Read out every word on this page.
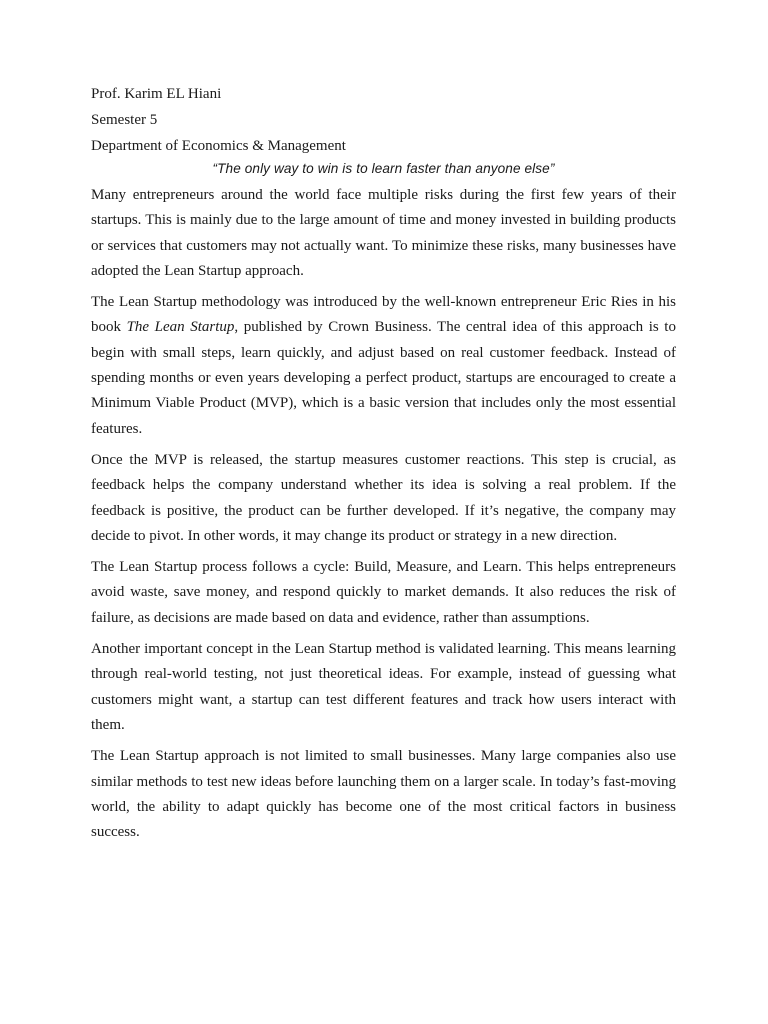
Prof. Karim EL Hiani
Semester 5
Department of Economics & Management
“The only way to win is to learn faster than anyone else”

Many entrepreneurs around the world face multiple risks during the first few years of their startups. This is mainly due to the large amount of time and money invested in building products or services that customers may not actually want. To minimize these risks, many businesses have adopted the Lean Startup approach.

The Lean Startup methodology was introduced by the well-known entrepreneur Eric Ries in his book The Lean Startup, published by Crown Business. The central idea of this approach is to begin with small steps, learn quickly, and adjust based on real customer feedback. Instead of spending months or even years developing a perfect product, startups are encouraged to create a Minimum Viable Product (MVP), which is a basic version that includes only the most essential features.

Once the MVP is released, the startup measures customer reactions. This step is crucial, as feedback helps the company understand whether its idea is solving a real problem. If the feedback is positive, the product can be further developed. If it’s negative, the company may decide to pivot. In other words, it may change its product or strategy in a new direction.

The Lean Startup process follows a cycle: Build, Measure, and Learn. This helps entrepreneurs avoid waste, save money, and respond quickly to market demands. It also reduces the risk of failure, as decisions are made based on data and evidence, rather than assumptions.

Another important concept in the Lean Startup method is validated learning. This means learning through real-world testing, not just theoretical ideas. For example, instead of guessing what customers might want, a startup can test different features and track how users interact with them.

The Lean Startup approach is not limited to small businesses. Many large companies also use similar methods to test new ideas before launching them on a larger scale. In today’s fast-moving world, the ability to adapt quickly has become one of the most critical factors in business success.
